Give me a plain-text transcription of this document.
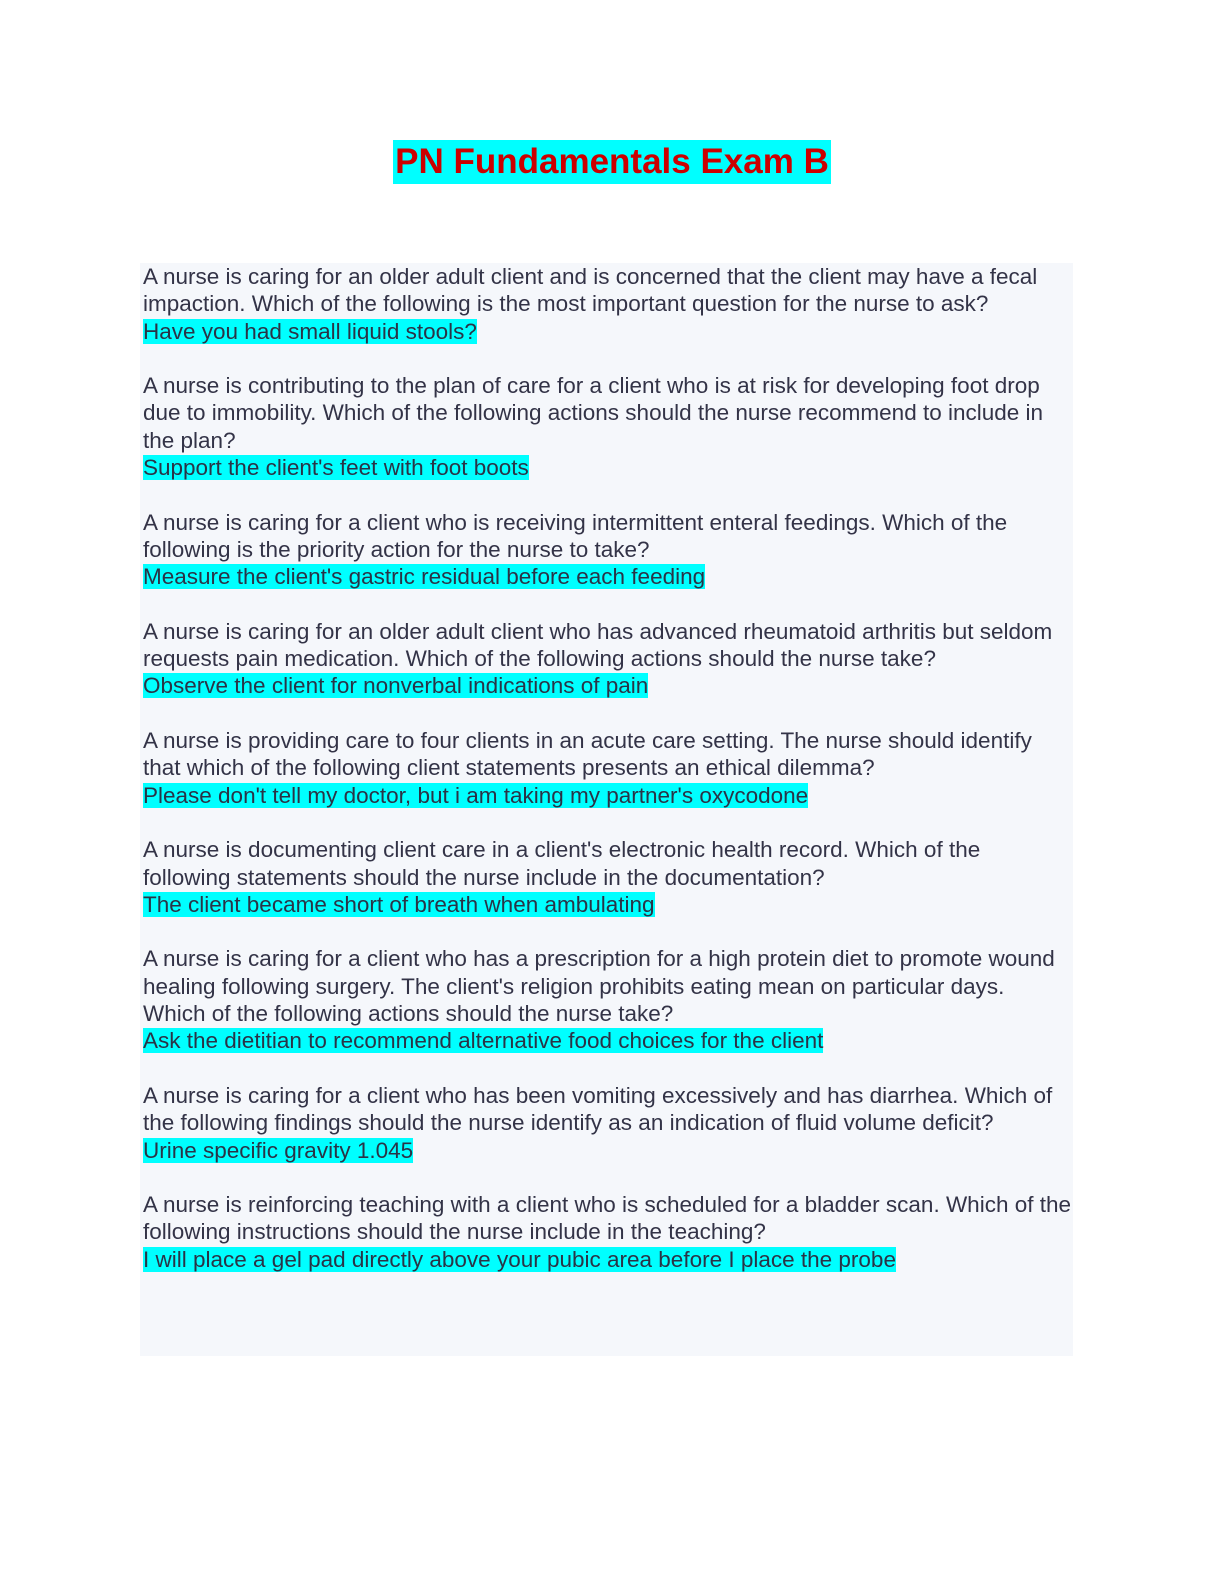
PN Fundamentals Exam B

A nurse is caring for an older adult client and is concerned that the client may have a fecal impaction. Which of the following is the most important question for the nurse to ask?

Have you had small liquid stools?

A nurse is contributing to the plan of care for a client who is at risk for developing foot drop due to immobility. Which of the following actions should the nurse recommend to include in the plan?

Support the client's feet with foot boots

A nurse is caring for a client who is receiving intermittent enteral feedings. Which of the following is the priority action for the nurse to take?

Measure the client's gastric residual before each feeding

A nurse is caring for an older adult client who has advanced rheumatoid arthritis but seldom requests pain medication. Which of the following actions should the nurse take?

Observe the client for nonverbal indications of pain

A nurse is providing care to four clients in an acute care setting. The nurse should identify that which of the following client statements presents an ethical dilemma?

Please don't tell my doctor, but i am taking my partner's oxycodone

A nurse is documenting client care in a client's electronic health record. Which of the following statements should the nurse include in the documentation?

The client became short of breath when ambulating

A nurse is caring for a client who has a prescription for a high protein diet to promote wound healing following surgery. The client's religion prohibits eating mean on particular days. Which of the following actions should the nurse take?

Ask the dietitian to recommend alternative food choices for the client

A nurse is caring for a client who has been vomiting excessively and has diarrhea. Which of the following findings should the nurse identify as an indication of fluid volume deficit?

Urine specific gravity 1.045

A nurse is reinforcing teaching with a client who is scheduled for a bladder scan. Which of the following instructions should the nurse include in the teaching?

I will place a gel pad directly above your pubic area before I place the probe
